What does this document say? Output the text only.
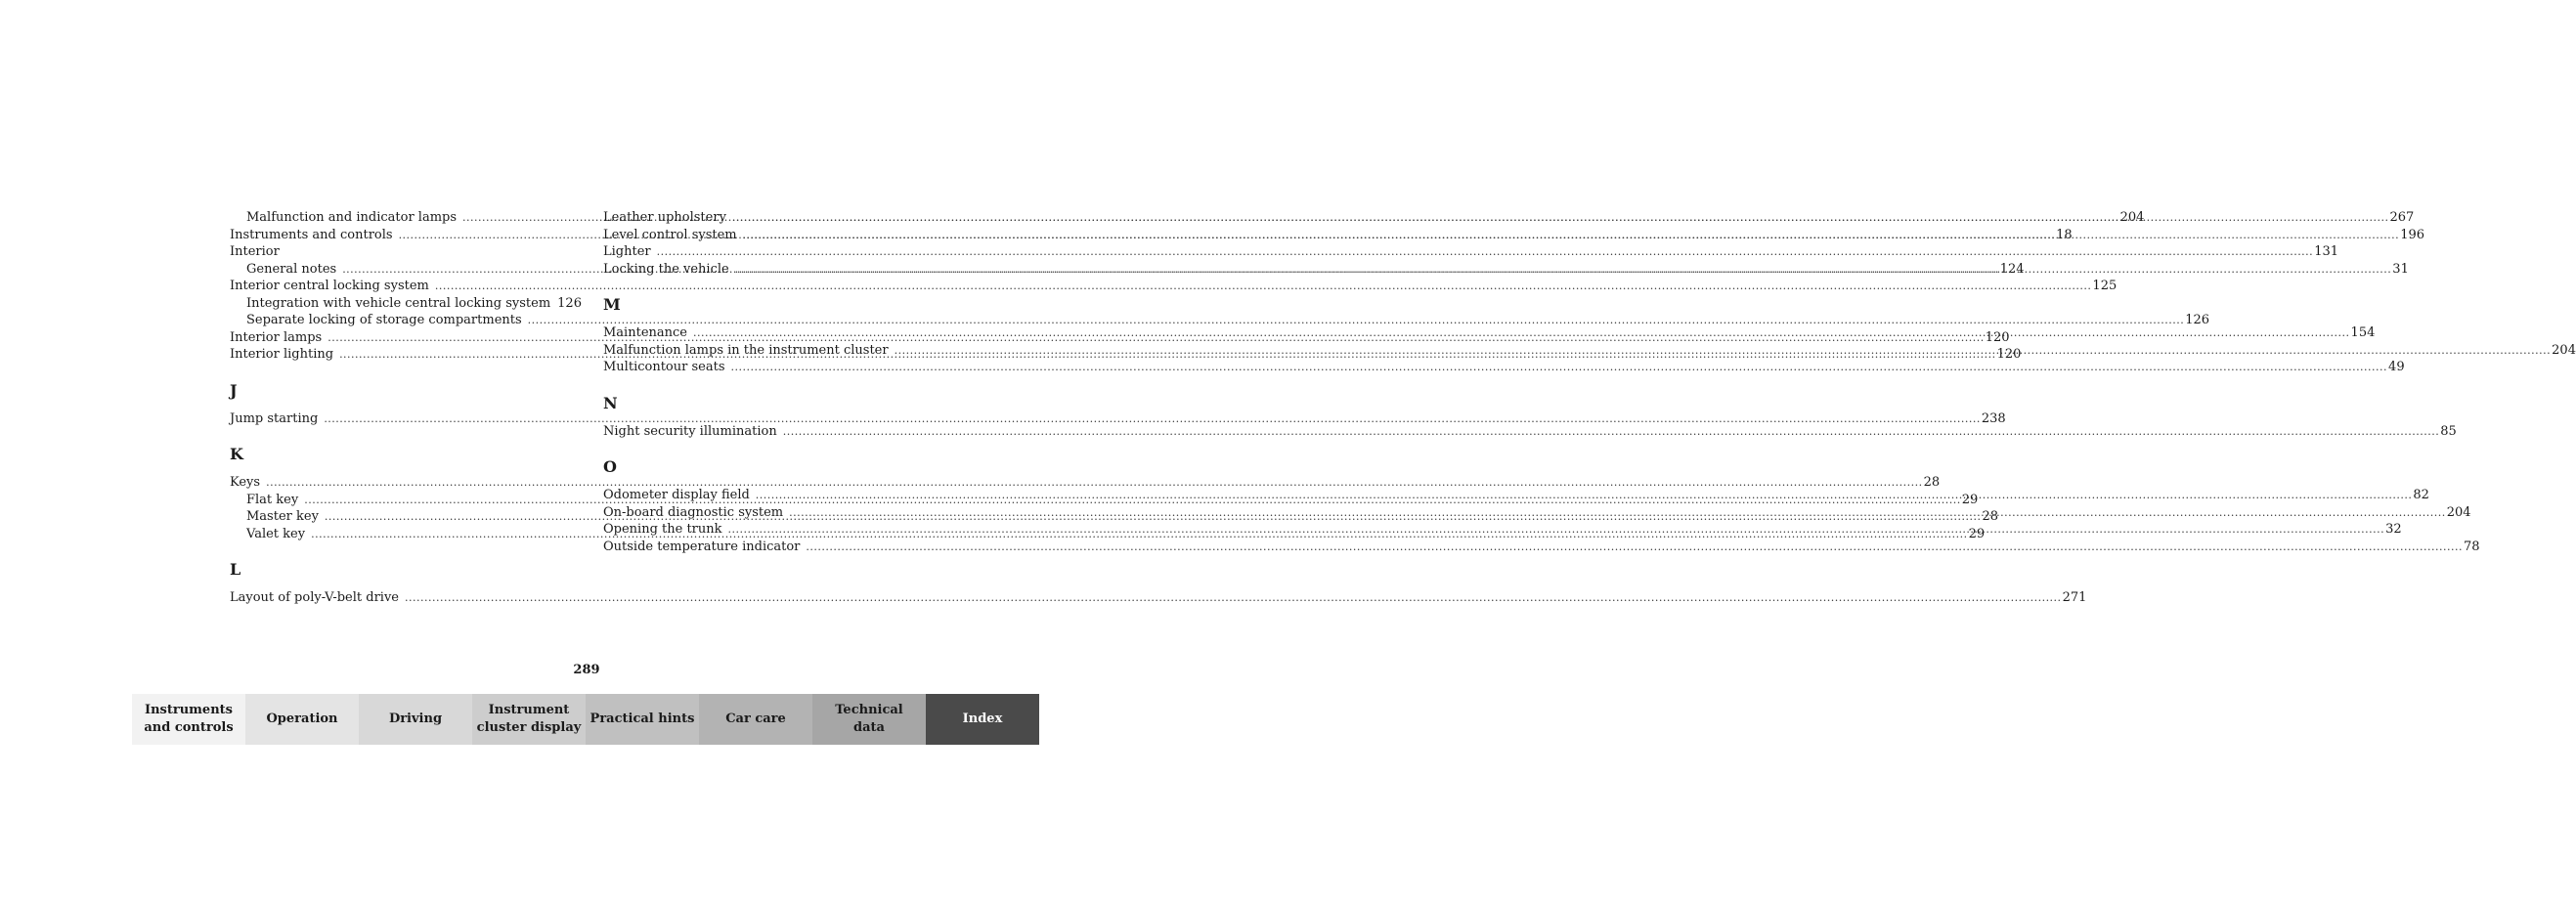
Malfunction and indicator lamps .....	204
Instruments and controls .....	18
Interior
General notes .....	124
Interior central locking system .....	125
Integration with vehicle central locking system 126
Separate locking of storage compartments .....	126
Interior lamps .....	120
Interior lighting .....	120
J
Jump starting .....	238
K
Keys .....	28
Flat key .....	29
Master key .....	28
Valet key .....	29
L
Layout of poly-V-belt drive .....	271
Leather upholstery .....	267
Level control system .....	196
Lighter .....	131
Locking the vehicle .....	31
M
Maintenance .....	154
Malfunction lamps in the instrument cluster .....	204
Multicontour seats .....	49
N
Night security illumination .....	85
O
Odometer display field .....	82
On-board diagnostic system .....	204
Opening the trunk .....	32
Outside temperature indicator .....	78
289
Instruments
and controls
Operation	Driving
Instrument
cluster display
Practical hints Car care
Technical
data
Index
